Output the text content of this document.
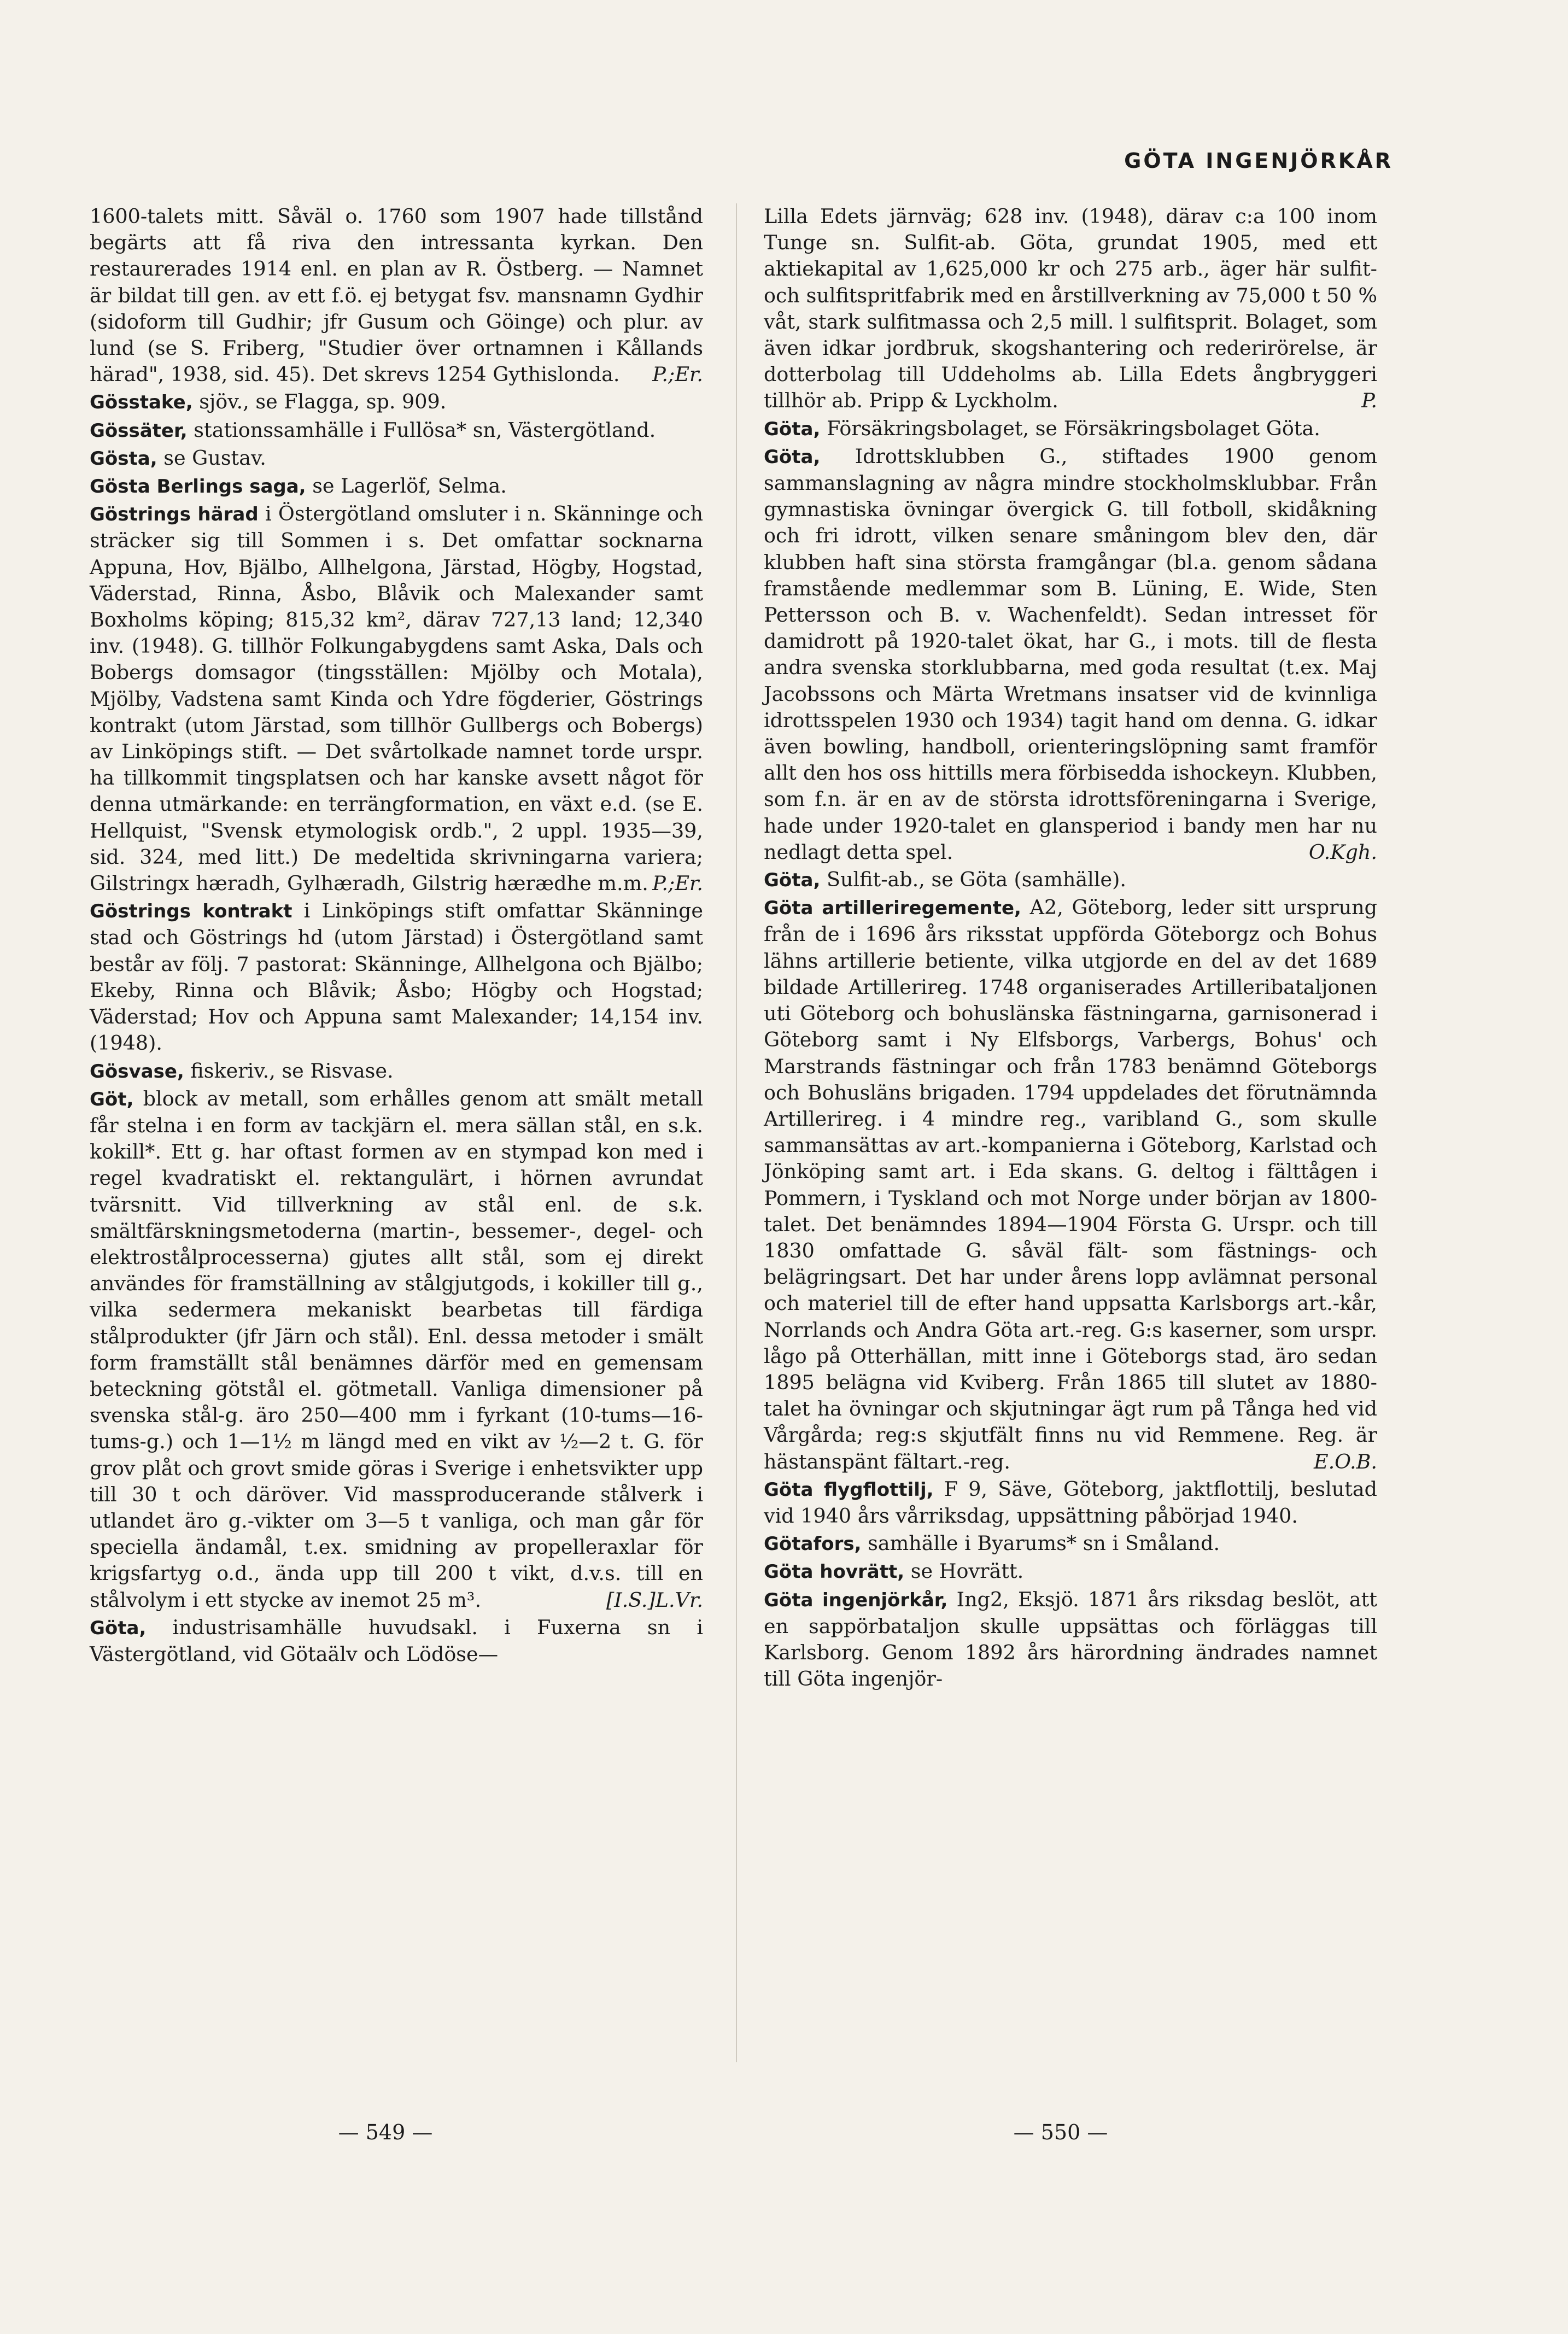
GÖTA INGENJÖRKÅR

1600-talets mitt. Såväl o. 1760 som 1907 hade tillstånd begärts att få riva den intressanta kyrkan. Den restaurerades 1914 enl. en plan av R. Östberg. — Namnet är bildat till gen. av ett f.ö. ej betygat fsv. mansnamn Gydhir (sidoform till Gudhir; jfr Gusum och Göinge) och plur. av lund (se S. Friberg, "Studier över ortnamnen i Kållands härad", 1938, sid. 45). Det skrevs 1254 Gythislonda. P.;Er.

Gösstake, sjöv., se Flagga, sp. 909.

Gössäter, stationssamhälle i Fullösa* sn, Västergötland.

Gösta, se Gustav.

Gösta Berlings saga, se Lagerlöf, Selma.

Göstrings härad i Östergötland omsluter i n. Skänninge och sträcker sig till Sommen i s. Det omfattar socknarna Appuna, Hov, Bjälbo, Allhelgona, Järstad, Högby, Hogstad, Väderstad, Rinna, Åsbo, Blåvik och Malexander samt Boxholms köping; 815,32 km², därav 727,13 land; 12,340 inv. (1948). G. tillhör Folkungabygdens samt Aska, Dals och Bobergs domsagor (tingsställen: Mjölby och Motala), Mjölby, Vadstena samt Kinda och Ydre fögderier, Göstrings kontrakt (utom Järstad, som tillhör Gullbergs och Bobergs) av Linköpings stift. — Det svårtolkade namnet torde urspr. ha tillkommit tingsplatsen och har kanske avsett något för denna utmärkande: en terrängformation, en växt e.d. (se E. Hellquist, "Svensk etymologisk ordb.", 2 uppl. 1935—39, sid. 324, med litt.) De medeltida skrivningarna variera; Gilstringx hæradh, Gylhæradh, Gilstrig hærædhe m.m. P.;Er.

Göstrings kontrakt i Linköpings stift omfattar Skänninge stad och Göstrings hd (utom Järstad) i Östergötland samt består av följ. 7 pastorat: Skänninge, Allhelgona och Bjälbo; Ekeby, Rinna och Blåvik; Åsbo; Högby och Hogstad; Väderstad; Hov och Appuna samt Malexander; 14,154 inv. (1948).

Gösvase, fiskeriv., se Risvase.

Göt, block av metall, som erhålles genom att smält metall får stelna i en form av tackjärn el. mera sällan stål, en s.k. kokill*. Ett g. har oftast formen av en stympad kon med i regel kvadratiskt el. rektangulärt, i hörnen avrundat tvärsnitt. Vid tillverkning av stål enl. de s.k. smältfärskningsmetoderna (martin-, bessemer-, degel- och elektrostålprocesserna) gjutes allt stål, som ej direkt användes för framställning av stålgjutgods, i kokiller till g., vilka sedermera mekaniskt bearbetas till färdiga stålprodukter (jfr Järn och stål). Enl. dessa metoder i smält form framställt stål benämnes därför med en gemensam beteckning götstål el. götmetall. Vanliga dimensioner på svenska stål-g. äro 250—400 mm i fyrkant (10-tums—16-tums-g.) och 1—1½ m längd med en vikt av ½—2 t. G. för grov plåt och grovt smide göras i Sverige i enhetsvikter upp till 30 t och däröver. Vid massproducerande stålverk i utlandet äro g.-vikter om 3—5 t vanliga, och man går för speciella ändamål, t.ex. smidning av propelleraxlar för krigsfartyg o.d., ända upp till 200 t vikt, d.v.s. till en stålvolym i ett stycke av inemot 25 m³.	[I.S.]L.Vr.

Göta, industrisamhälle huvudsakl. i Fuxerna sn i Västergötland, vid Götaälv och Lödöse—

Lilla Edets järnväg; 628 inv. (1948), därav c:a 100 inom Tunge sn. Sulfit-ab. Göta, grundat 1905, med ett aktiekapital av 1,625,000 kr och 275 arb., äger här sulfit- och sulfitspritfabrik med en årstillverkning av 75,000 t 50 % våt, stark sulfitmassa och 2,5 mill. l sulfitsprit. Bolaget, som även idkar jordbruk, skogshantering och rederirörelse, är dotterbolag till Uddeholms ab. Lilla Edets ångbryggeri tillhör ab. Pripp & Lyckholm.	P.

Göta, Försäkringsbolaget, se Försäkringsbolaget Göta.

Göta, Idrottsklubben G., stiftades 1900 genom sammanslagning av några mindre stockholmsklubbar. Från gymnastiska övningar övergick G. till fotboll, skidåkning och fri idrott, vilken senare småningom blev den, där klubben haft sina största framgångar (bl.a. genom sådana framstående medlemmar som B. Lüning, E. Wide, Sten Pettersson och B. v. Wachenfeldt). Sedan intresset för damidrott på 1920-talet ökat, har G., i mots. till de flesta andra svenska storklubbarna, med goda resultat (t.ex. Maj Jacobssons och Märta Wretmans insatser vid de kvinnliga idrottsspelen 1930 och 1934) tagit hand om denna. G. idkar även bowling, handboll, orienteringslöpning samt framför allt den hos oss hittills mera förbisedda ishockeyn. Klubben, som f.n. är en av de största idrottsföreningarna i Sverige, hade under 1920-talet en glansperiod i bandy men har nu nedlagt detta spel.	O.Kgh.

Göta, Sulfit-ab., se Göta (samhälle).

Göta artilleriregemente, A2, Göteborg, leder sitt ursprung från de i 1696 års riksstat uppförda Göteborgz och Bohus lähns artillerie betiente, vilka utgjorde en del av det 1689 bildade Artillerireg. 1748 organiserades Artilleribataljonen uti Göteborg och bohuslänska fästningarna, garnisonerad i Göteborg samt i Ny Elfsborgs, Varbergs, Bohus' och Marstrands fästningar och från 1783 benämnd Göteborgs och Bohusläns brigaden. 1794 uppdelades det förutnämnda Artillerireg. i 4 mindre reg., varibland G., som skulle sammansättas av art.-kompanierna i Göteborg, Karlstad och Jönköping samt art. i Eda skans. G. deltog i fälttågen i Pommern, i Tyskland och mot Norge under början av 1800-talet. Det benämndes 1894—1904 Första G. Urspr. och till 1830 omfattade G. såväl fält- som fästnings- och belägringsart. Det har under årens lopp avlämnat personal och materiel till de efter hand uppsatta Karlsborgs art.-kår, Norrlands och Andra Göta art.-reg. G:s kaserner, som urspr. lågo på Otterhällan, mitt inne i Göteborgs stad, äro sedan 1895 belägna vid Kviberg. Från 1865 till slutet av 1880-talet ha övningar och skjutningar ägt rum på Tånga hed vid Vårgårda; reg:s skjutfält finns nu vid Remmene. Reg. är hästanspänt fältart.-reg.	E.O.B.

Göta flygflottilj, F 9, Säve, Göteborg, jaktflottilj, beslutad vid 1940 års vårriksdag, uppsättning påbörjad 1940.

Götafors, samhälle i Byarums* sn i Småland.

Göta hovrätt, se Hovrätt.

Göta ingenjörkår, Ing2, Eksjö. 1871 års riksdag beslöt, att en sappörbataljon skulle uppsättas och förläggas till Karlsborg. Genom 1892 års härordning ändrades namnet till Göta ingenjör-

— 549 —	— 550 —
